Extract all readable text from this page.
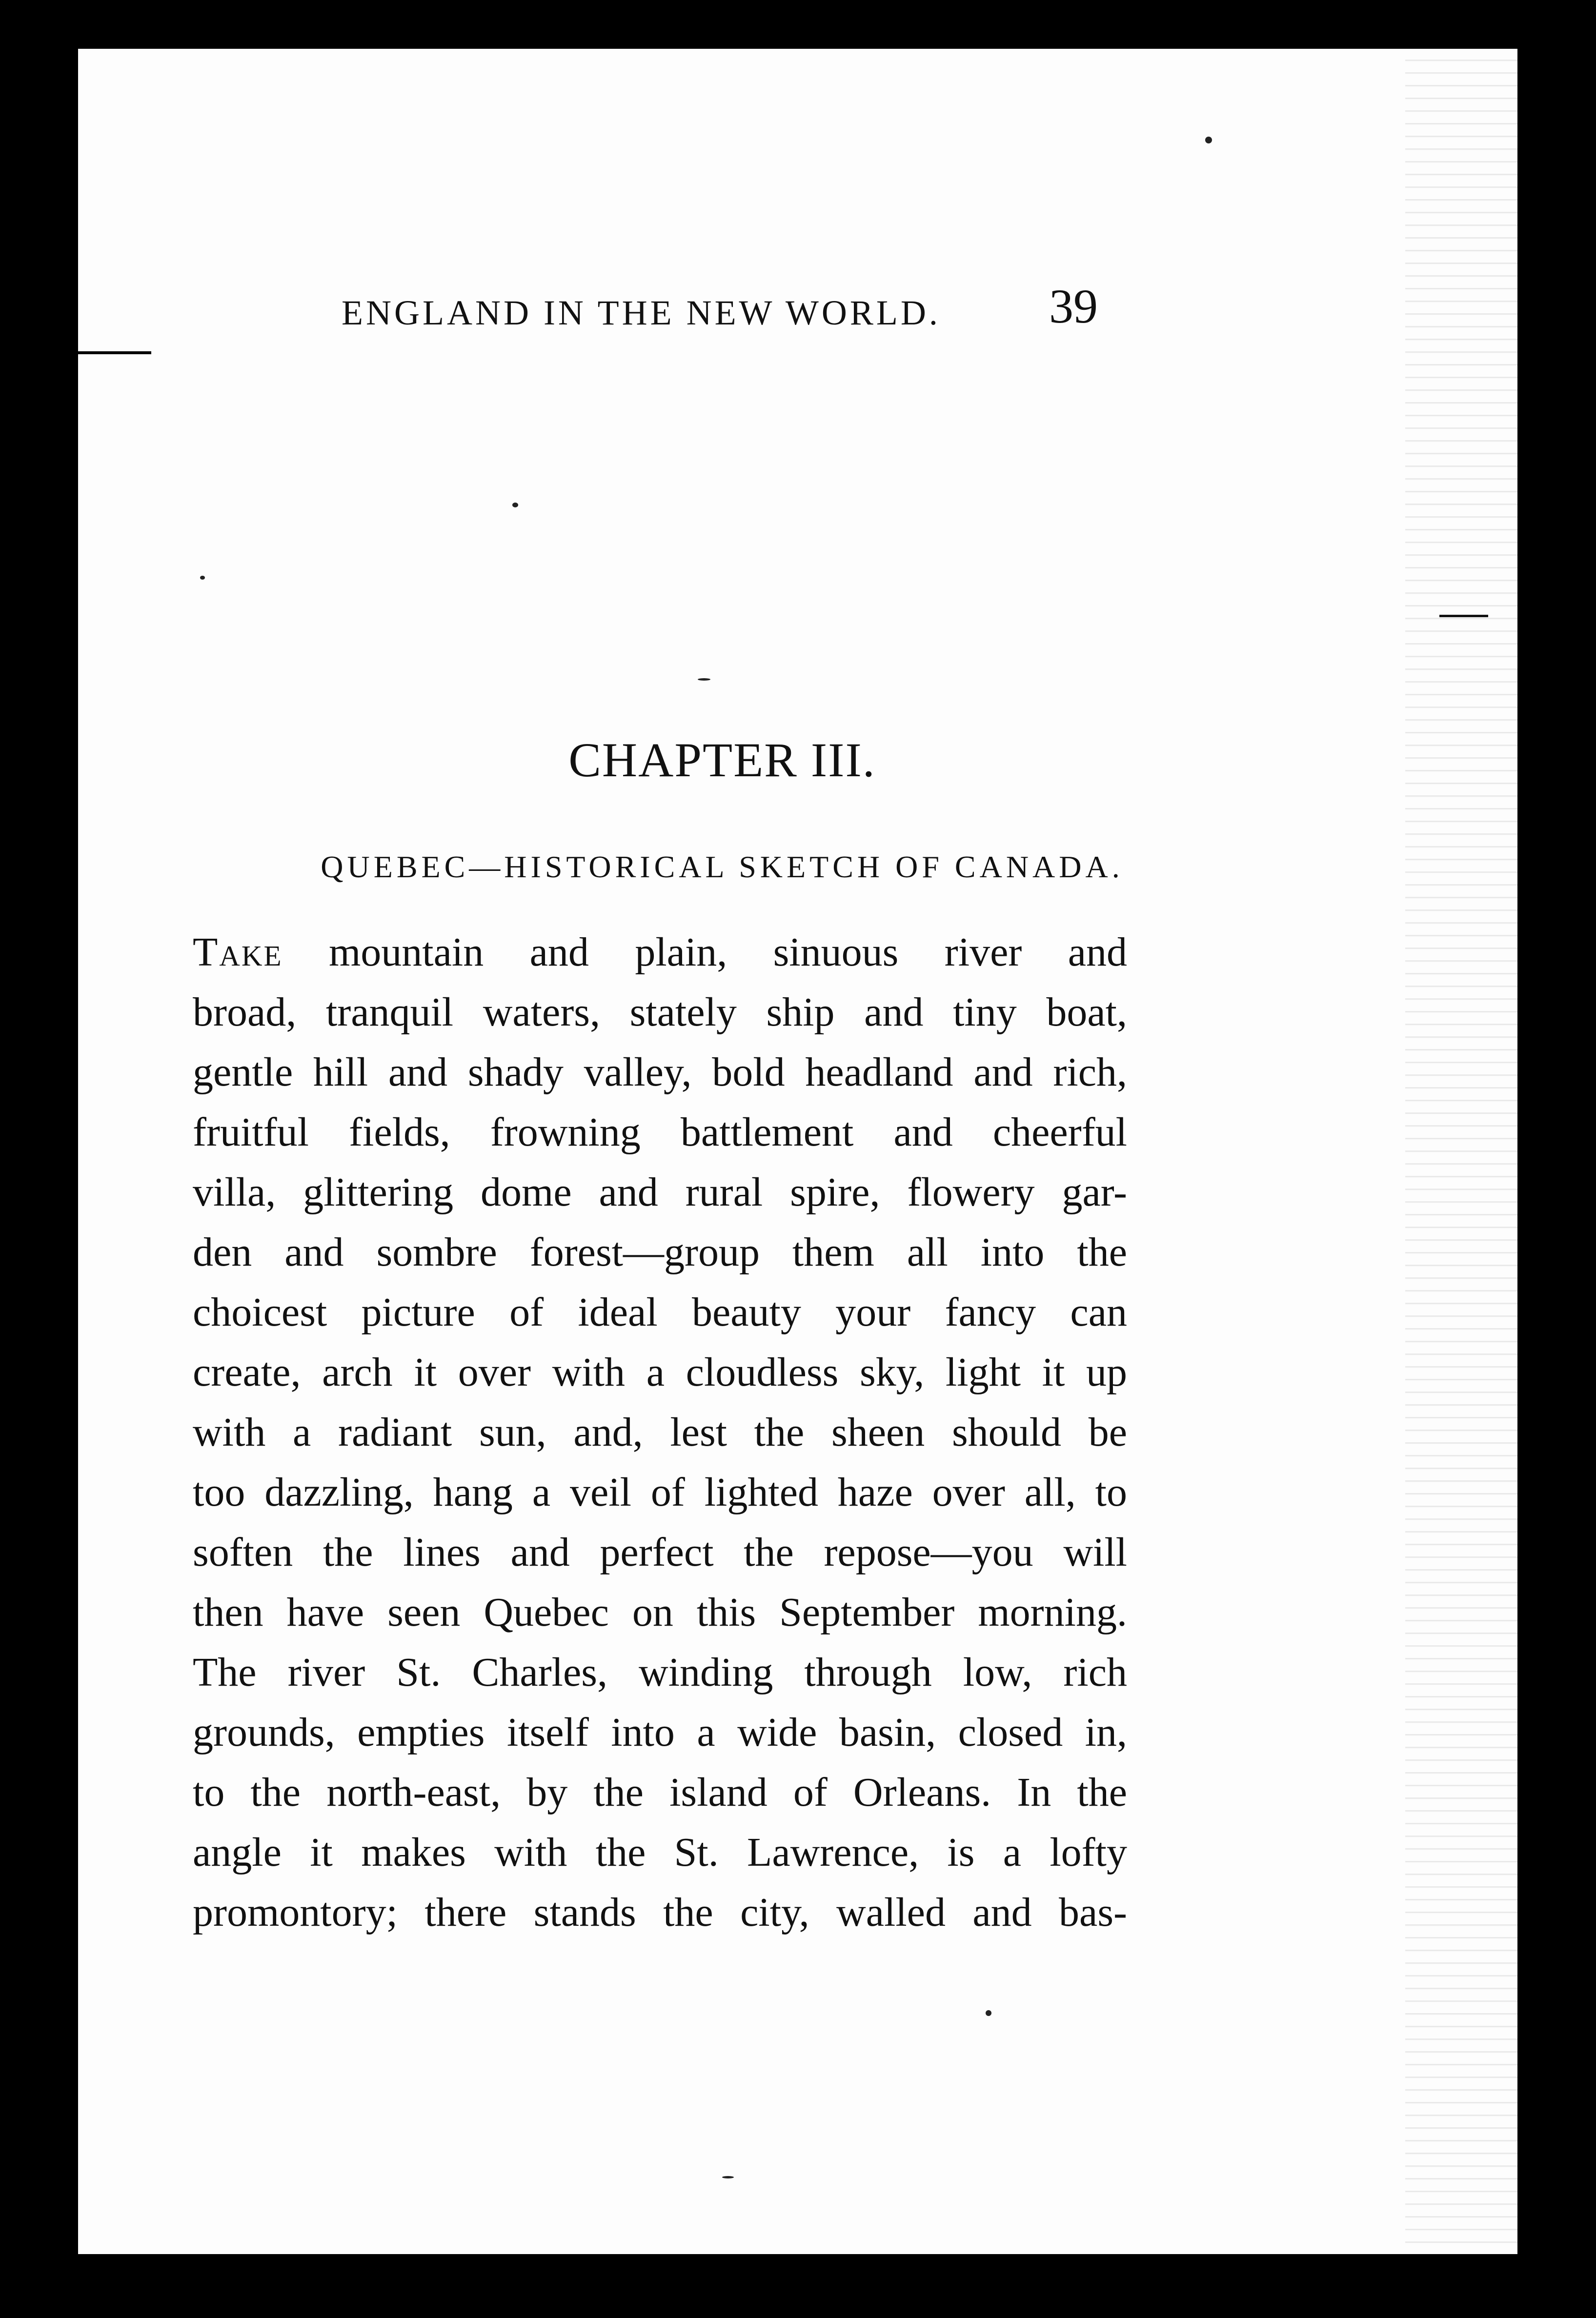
ENGLAND IN THE NEW WORLD. 39
CHAPTER III.
QUEBEC—HISTORICAL SKETCH OF CANADA.
Take mountain and plain, sinuous river and
broad, tranquil waters, stately ship and tiny boat,
gentle hill and shady valley, bold headland and rich,
fruitful fields, frowning battlement and cheerful
villa, glittering dome and rural spire, flowery gar-
den and sombre forest—group them all into the
choicest picture of ideal beauty your fancy can
create, arch it over with a cloudless sky, light it up
with a radiant sun, and, lest the sheen should be
too dazzling, hang a veil of lighted haze over all, to
soften the lines and perfect the repose—you will
then have seen Quebec on this September morning.
The river St. Charles, winding through low, rich
grounds, empties itself into a wide basin, closed in,
to the north-east, by the island of Orleans. In the
angle it makes with the St. Lawrence, is a lofty
promontory; there stands the city, walled and bas-
